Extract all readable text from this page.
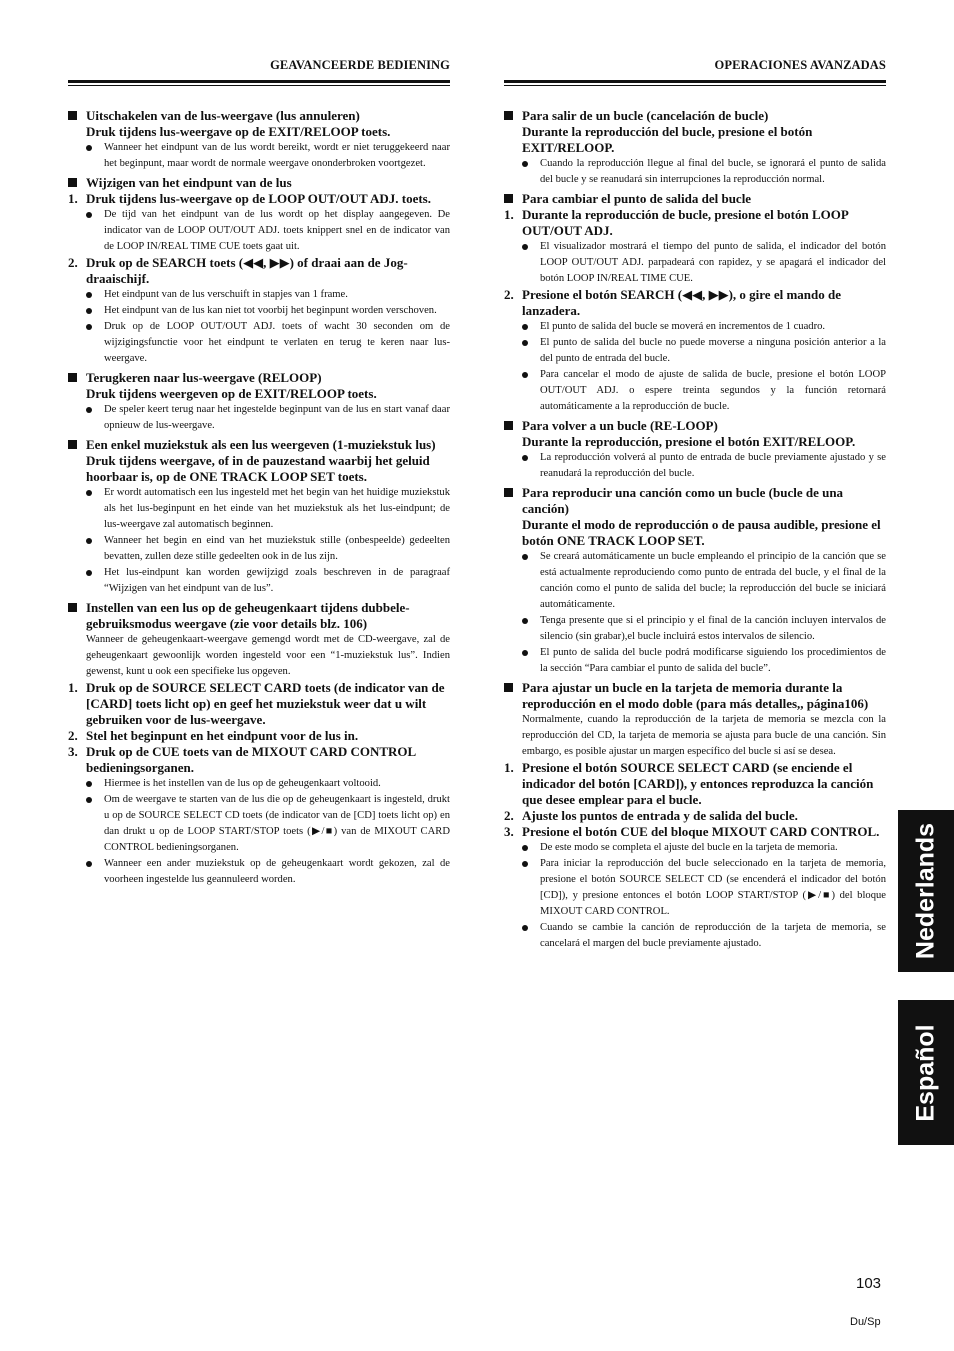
GEAVANCEERDE BEDIENING

Uitschakelen van de lus-weergave (lus annuleren)

Druk tijdens lus-weergave op de EXIT/RELOOP toets.

Wanneer het eindpunt van de lus wordt bereikt, wordt er niet teruggekeerd naar het beginpunt, maar wordt de normale weergave ononderbroken voortgezet.

Wijzigen van het eindpunt van de lus

1. Druk tijdens lus-weergave op de LOOP OUT/OUT ADJ. toets.

De tijd van het eindpunt van de lus wordt op het display aangegeven. De indicator van de LOOP OUT/OUT ADJ. toets knippert snel en de indicator van de LOOP IN/REAL TIME CUE toets gaat uit.

2. Druk op de SEARCH toets (◀◀, ▶▶) of draai aan de Jog-draaischijf.

Het eindpunt van de lus verschuift in stapjes van 1 frame.

Het eindpunt van de lus kan niet tot voorbij het beginpunt worden verschoven.

Druk op de LOOP OUT/OUT ADJ. toets of wacht 30 seconden om de wijzigingsfunctie voor het eindpunt te verlaten en terug te keren naar lus-weergave.

Terugkeren naar lus-weergave (RELOOP)

Druk tijdens weergeven op de EXIT/RELOOP toets.

De speler keert terug naar het ingestelde beginpunt van de lus en start vanaf daar opnieuw de lus-weergave.

Een enkel muziekstuk als een lus weergeven (1-muziekstuk lus)

Druk tijdens weergave, of in de pauzestand waarbij het geluid hoorbaar is, op de ONE TRACK LOOP SET toets.

Er wordt automatisch een lus ingesteld met het begin van het huidige muziekstuk als het lus-beginpunt en het einde van het muziekstuk als het lus-eindpunt; de lus-weergave zal automatisch beginnen.

Wanneer het begin en eind van het muziekstuk stille (onbespeelde) gedeelten bevatten, zullen deze stille gedeelten ook in de lus zijn.

Het lus-eindpunt kan worden gewijzigd zoals beschreven in de paragraaf “Wijzigen van het eindpunt van de lus”.

Instellen van een lus op de geheugenkaart tijdens dubbele-gebruiksmodus weergave (zie voor details blz. 106)

Wanneer de geheugenkaart-weergave gemengd wordt met de CD-weergave, zal de geheugenkaart gewoonlijk worden ingesteld voor een “1-muziekstuk lus”. Indien gewenst, kunt u ook een specifieke lus opgeven.

1. Druk op de SOURCE SELECT CARD toets (de indicator van de [CARD] toets licht op) en geef het muziekstuk weer dat u wilt gebruiken voor de lus-weergave.

2. Stel het beginpunt en het eindpunt voor de lus in.

3. Druk op de CUE toets van de MIXOUT CARD CONTROL bedieningsorganen.

Hiermee is het instellen van de lus op de geheugenkaart voltooid.

Om de weergave te starten van de lus die op de geheugenkaart is ingesteld, drukt u op de SOURCE SELECT CD toets (de indicator van de [CD] toets licht op) en dan drukt u op de LOOP START/STOP toets (▶/■) van de MIXOUT CARD CONTROL bedieningsorganen.

Wanneer een ander muziekstuk op de geheugenkaart wordt gekozen, zal de voorheen ingestelde lus geannuleerd worden.

OPERACIONES AVANZADAS

Para salir de un bucle (cancelación de bucle)

Durante la reproducción del bucle, presione el botón EXIT/RELOOP.

Cuando la reproducción llegue al final del bucle, se ignorará el punto de salida del bucle y se reanudará sin interrupciones la reproducción normal.

Para cambiar el punto de salida del bucle

1. Durante la reproducción de bucle, presione el botón LOOP OUT/OUT ADJ.

El visualizador mostrará el tiempo del punto de salida, el indicador del botón LOOP OUT/OUT ADJ. parpadeará con rapidez, y se apagará el indicador del botón LOOP IN/REAL TIME CUE.

2. Presione el botón SEARCH (◀◀, ▶▶), o gire el mando de lanzadera.

El punto de salida del bucle se moverá en incrementos de 1 cuadro.

El punto de salida del bucle no puede moverse a ninguna posición anterior a la del punto de entrada del bucle.

Para cancelar el modo de ajuste de salida de bucle, presione el botón LOOP OUT/OUT ADJ. o espere treinta segundos y la función retornará automáticamente a la reproducción de bucle.

Para volver a un bucle (RE-LOOP)

Durante la reproducción, presione el botón EXIT/RELOOP.

La reproducción volverá al punto de entrada de bucle previamente ajustado y se reanudará la reproducción del bucle.

Para reproducir una canción como un bucle (bucle de una canción)

Durante el modo de reproducción o de pausa audible, presione el botón ONE TRACK LOOP SET.

Se creará automáticamente un bucle empleando el principio de la canción que se está actualmente reproduciendo como punto de entrada del bucle, y el final de la canción como el punto de salida del bucle; la reproducción del bucle se iniciará automáticamente.

Tenga presente que si el principio y el final de la canción incluyen intervalos de silencio (sin grabar),el bucle incluirá estos intervalos de silencio.

El punto de salida del bucle podrá modificarse siguiendo los procedimientos de la sección “Para cambiar el punto de salida del bucle”.

Para ajustar un bucle en la tarjeta de memoria durante la reproducción en el modo doble (para más detalles,, página106)

Normalmente, cuando la reproducción de la tarjeta de memoria se mezcla con la reproducción del CD, la tarjeta de memoria se ajusta para bucle de una canción. Sin embargo, es posible ajustar un margen específico del bucle si así se desea.

1. Presione el botón SOURCE SELECT CARD (se enciende el indicador del botón [CARD]), y entonces reproduzca la canción que desee emplear para el bucle.

2. Ajuste los puntos de entrada y de salida del bucle.

3. Presione el botón CUE del bloque MIXOUT CARD CONTROL.

De este modo se completa el ajuste del bucle en la tarjeta de memoria.

Para iniciar la reproducción del bucle seleccionado en la tarjeta de memoria, presione el botón SOURCE SELECT CD (se encenderá el indicador del botón [CD]), y presione entonces el botón LOOP START/STOP (▶/■) del bloque MIXOUT CARD CONTROL.

Cuando se cambie la canción de reproducción de la tarjeta de memoria, se cancelará el margen del bucle previamente ajustado.	Nederlands
Español
103
Du/Sp
